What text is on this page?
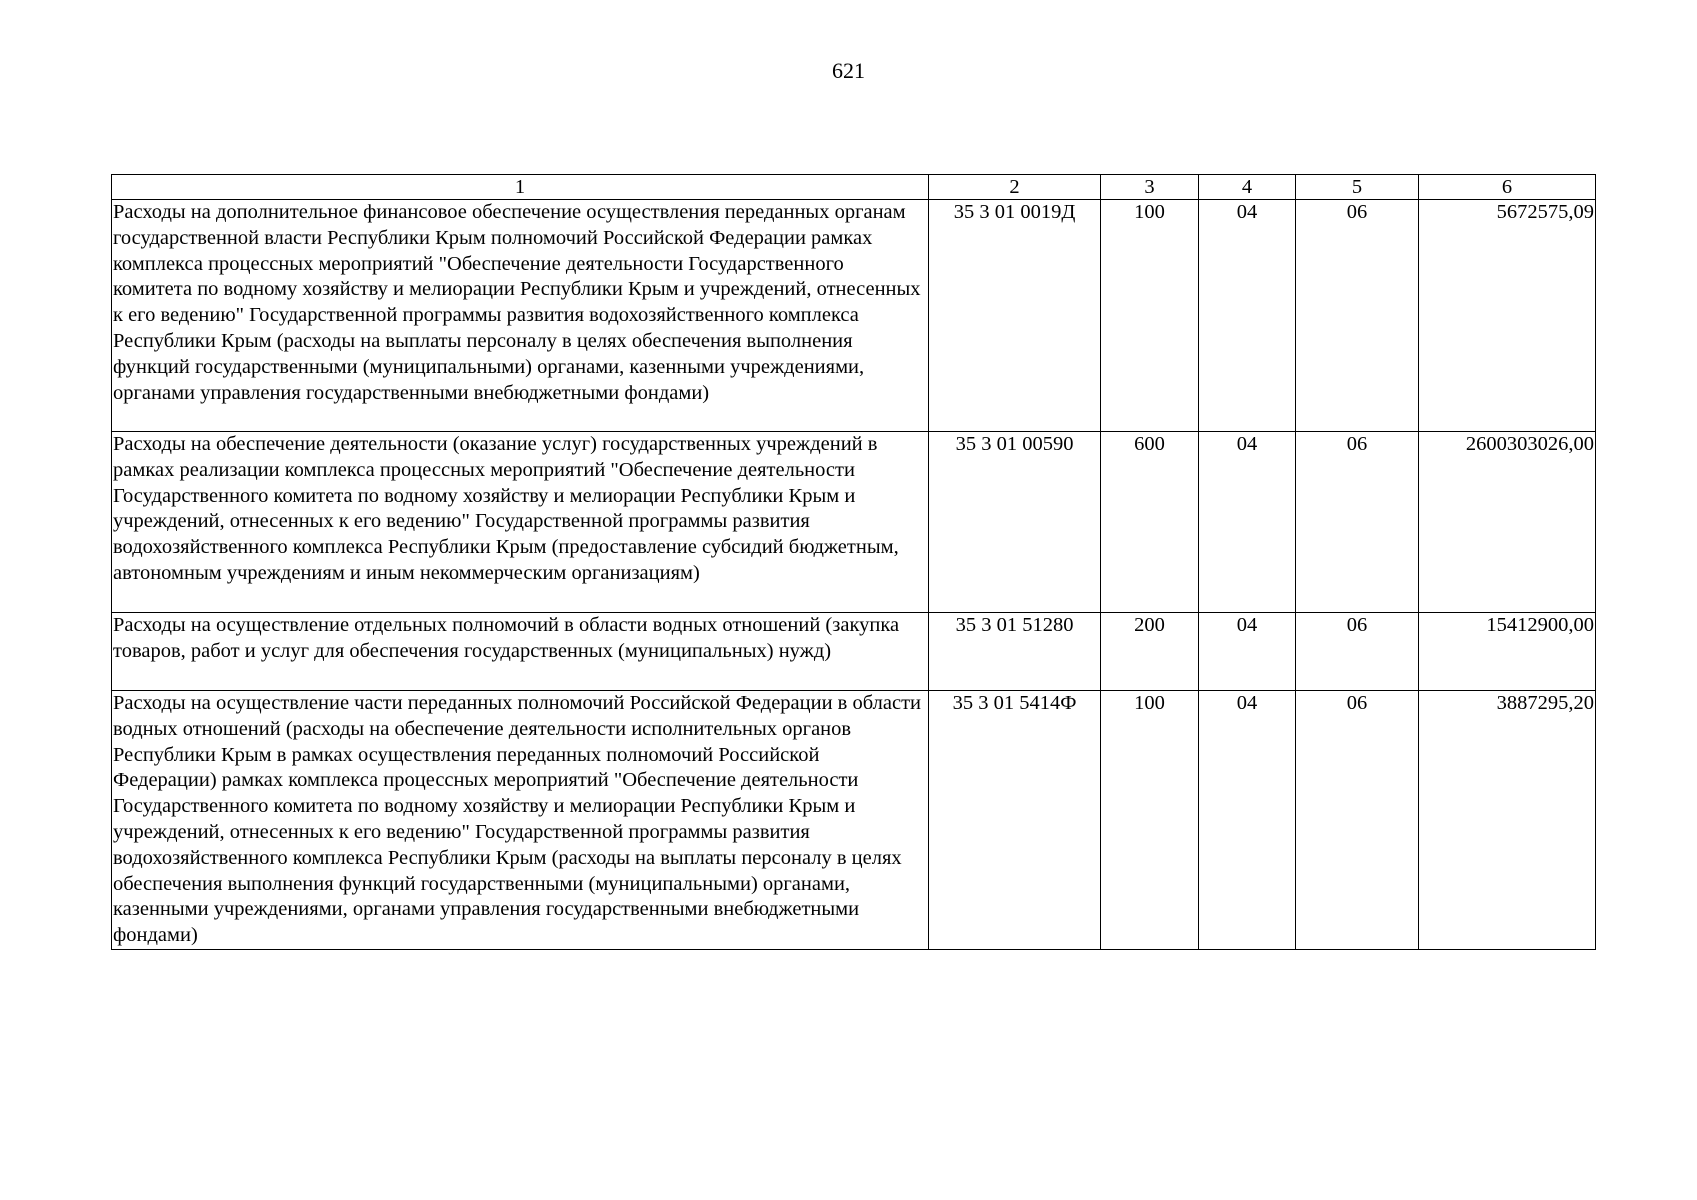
621
1	2	3	4	5	6
Расходы на дополнительное финансовое обеспечение осуществления переданных органам государственной власти Республики Крым полномочий Российской Федерации рамках комплекса процессных мероприятий "Обеспечение деятельности Государственного комитета по водному хозяйству и мелиорации Республики Крым и учреждений, отнесенных к его ведению" Государственной программы развития водохозяйственного комплекса Республики Крым (расходы на выплаты персоналу в целях обеспечения выполнения функций государственными (муниципальными) органами, казенными учреждениями, органами управления государственными внебюджетными фондами)	35 3 01 0019Д	100	04	06	5672575,09
Расходы на обеспечение деятельности (оказание услуг) государственных учреждений в рамках реализации комплекса процессных мероприятий "Обеспечение деятельности Государственного комитета по водному хозяйству и мелиорации Республики Крым и учреждений, отнесенных к его ведению" Государственной программы развития водохозяйственного комплекса Республики Крым (предоставление субсидий бюджетным, автономным учреждениям и иным некоммерческим организациям)	35 3 01 00590	600	04	06	2600303026,00
Расходы на осуществление отдельных полномочий в области водных отношений (закупка товаров, работ и услуг для обеспечения государственных (муниципальных) нужд)	35 3 01 51280	200	04	06	15412900,00
Расходы на осуществление части переданных полномочий Российской Федерации в области водных отношений (расходы на обеспечение деятельности исполнительных органов Республики Крым в рамках осуществления переданных полномочий Российской Федерации) рамках комплекса процессных мероприятий "Обеспечение деятельности Государственного комитета по водному хозяйству и мелиорации Республики Крым и учреждений, отнесенных к его ведению" Государственной программы развития водохозяйственного комплекса Республики Крым (расходы на выплаты персоналу в целях обеспечения выполнения функций государственными (муниципальными) органами, казенными учреждениями, органами управления государственными внебюджетными фондами)	35 3 01 5414Ф	100	04	06	3887295,20
